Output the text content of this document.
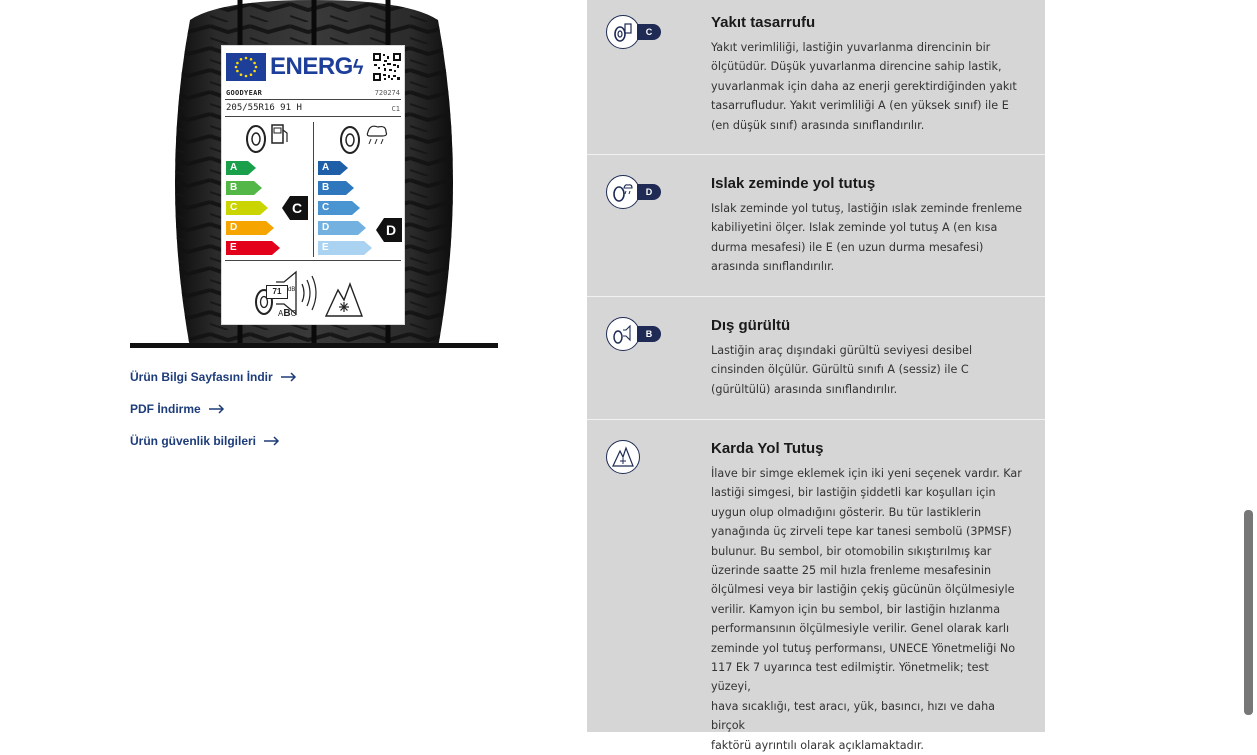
ENERGϟ
GOODYEAR	720274
205/55R16 91 H	C1
A
B
C
D
E
C
A
B
C
D
E
D
71	dB
ABC
Ürün Bilgi Sayfasını İndir
PDF İndirme
Ürün güvenlik bilgileri
C
Yakıt tasarrufu

Yakıt verimliliği, lastiğin yuvarlanma direncinin bir
ölçütüdür. Düşük yuvarlanma direncine sahip lastik,
yuvarlanmak için daha az enerji gerektirdiğinden yakıt
tasarrufludur. Yakıt verimliliği A (en yüksek sınıf) ile E
(en düşük sınıf) arasında sınıflandırılır.

D	Islak zeminde yol tutuş

Islak zeminde yol tutuş, lastiğin ıslak zeminde frenleme
kabiliyetini ölçer. Islak zeminde yol tutuş A (en kısa
durma mesafesi) ile E (en uzun durma mesafesi)
arasında sınıflandırılır.

B	Dış gürültü

Lastiğin araç dışındaki gürültü seviyesi desibel
cinsinden ölçülür. Gürültü sınıfı A (sessiz) ile C
(gürültülü) arasında sınıflandırılır.

Karda Yol Tutuş

İlave bir simge eklemek için iki yeni seçenek vardır. Kar
lastiği simgesi, bir lastiğin şiddetli kar koşulları için
uygun olup olmadığını gösterir. Bu tür lastiklerin
yanağında üç zirveli tepe kar tanesi sembolü (3PMSF)
bulunur. Bu sembol, bir otomobilin sıkıştırılmış kar
üzerinde saatte 25 mil hızla frenleme mesafesinin
ölçülmesi veya bir lastiğin çekiş gücünün ölçülmesiyle
verilir. Kamyon için bu sembol, bir lastiğin hızlanma
performansının ölçülmesiyle verilir. Genel olarak karlı
zeminde yol tutuş performansı, UNECE Yönetmeliği No
117 Ek 7 uyarınca test edilmiştir. Yönetmelik; test yüzeyi,
hava sıcaklığı, test aracı, yük, basıncı, hızı ve daha birçok
faktörü ayrıntılı olarak açıklamaktadır.
